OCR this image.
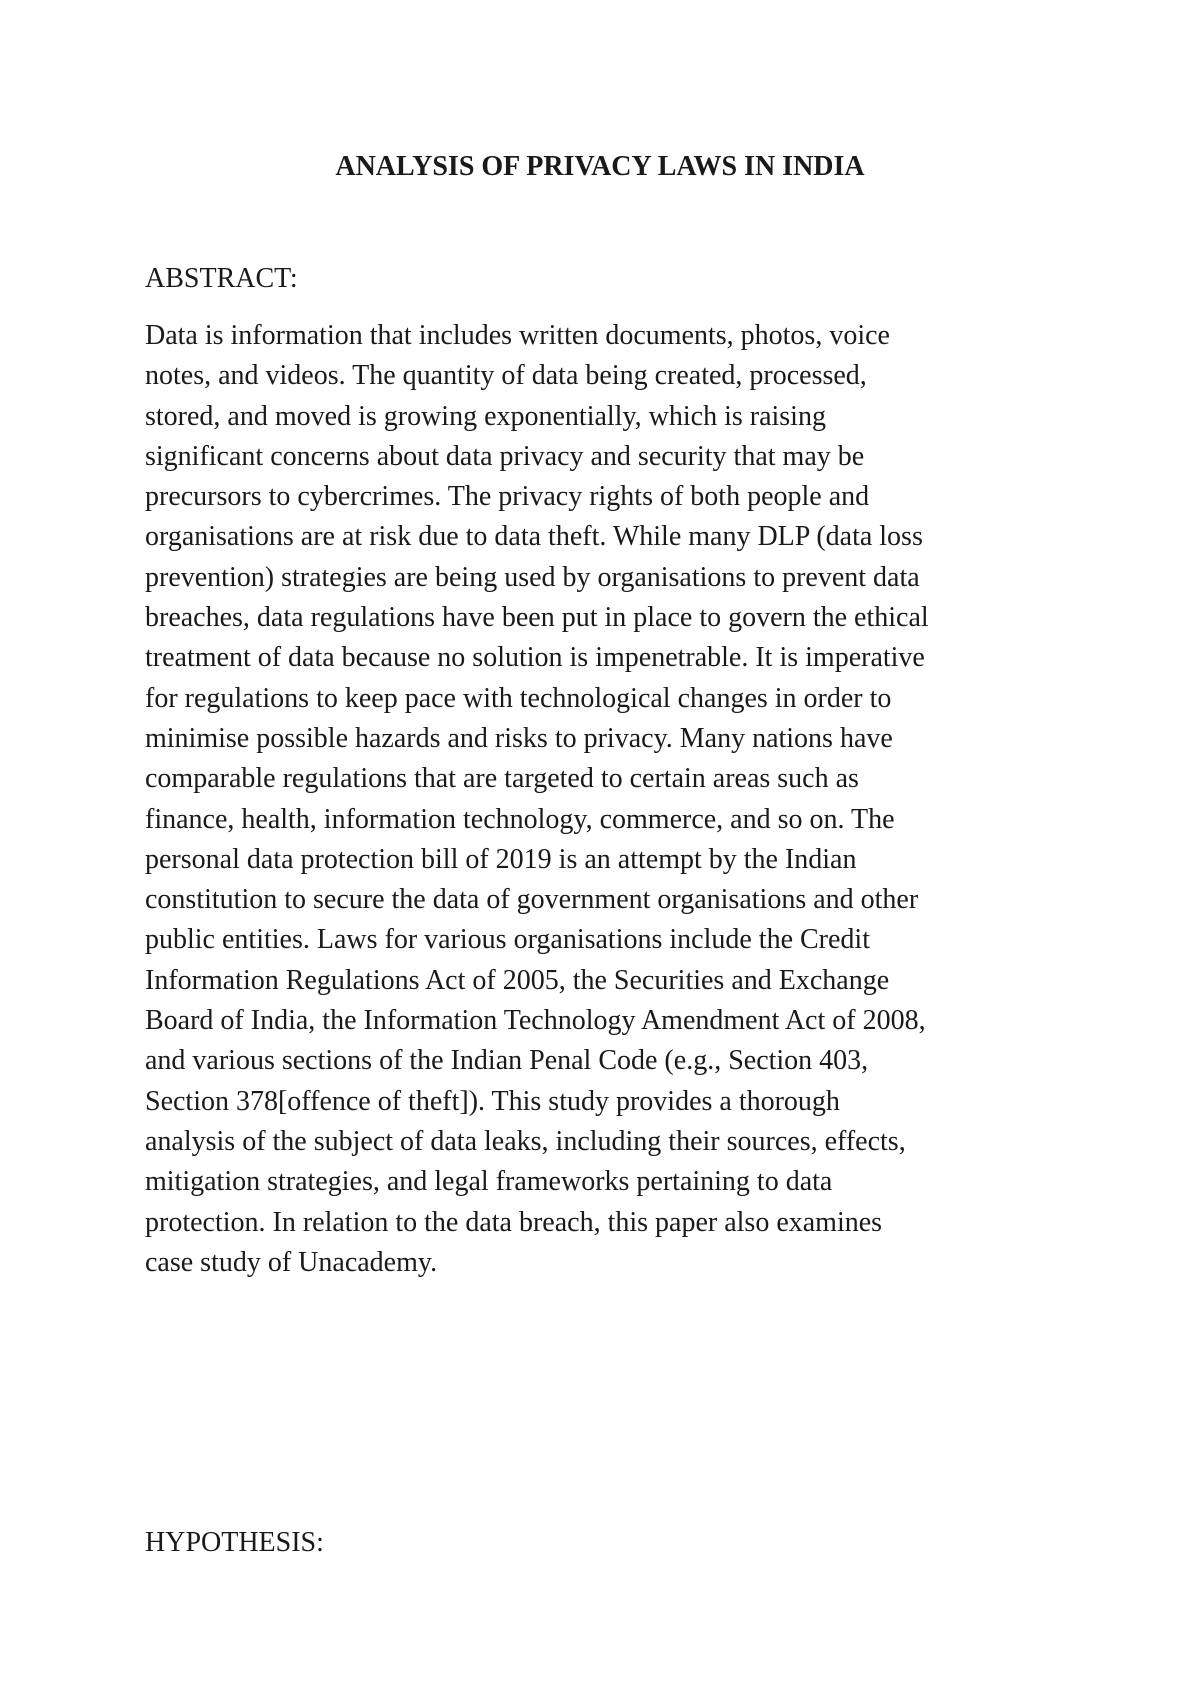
ANALYSIS OF PRIVACY LAWS IN INDIA
ABSTRACT:
Data is information that includes written documents, photos, voice
notes, and videos. The quantity of data being created, processed,
stored, and moved is growing exponentially, which is raising
significant concerns about data privacy and security that may be
precursors to cybercrimes. The privacy rights of both people and
organisations are at risk due to data theft. While many DLP (data loss
prevention) strategies are being used by organisations to prevent data
breaches, data regulations have been put in place to govern the ethical
treatment of data because no solution is impenetrable. It is imperative
for regulations to keep pace with technological changes in order to
minimise possible hazards and risks to privacy. Many nations have
comparable regulations that are targeted to certain areas such as
finance, health, information technology, commerce, and so on. The
personal data protection bill of 2019 is an attempt by the Indian
constitution to secure the data of government organisations and other
public entities. Laws for various organisations include the Credit
Information Regulations Act of 2005, the Securities and Exchange
Board of India, the Information Technology Amendment Act of 2008,
and various sections of the Indian Penal Code (e.g., Section 403,
Section 378[offence of theft]). This study provides a thorough
analysis of the subject of data leaks, including their sources, effects,
mitigation strategies, and legal frameworks pertaining to data
protection. In relation to the data breach, this paper also examines
case study of Unacademy.
HYPOTHESIS:
